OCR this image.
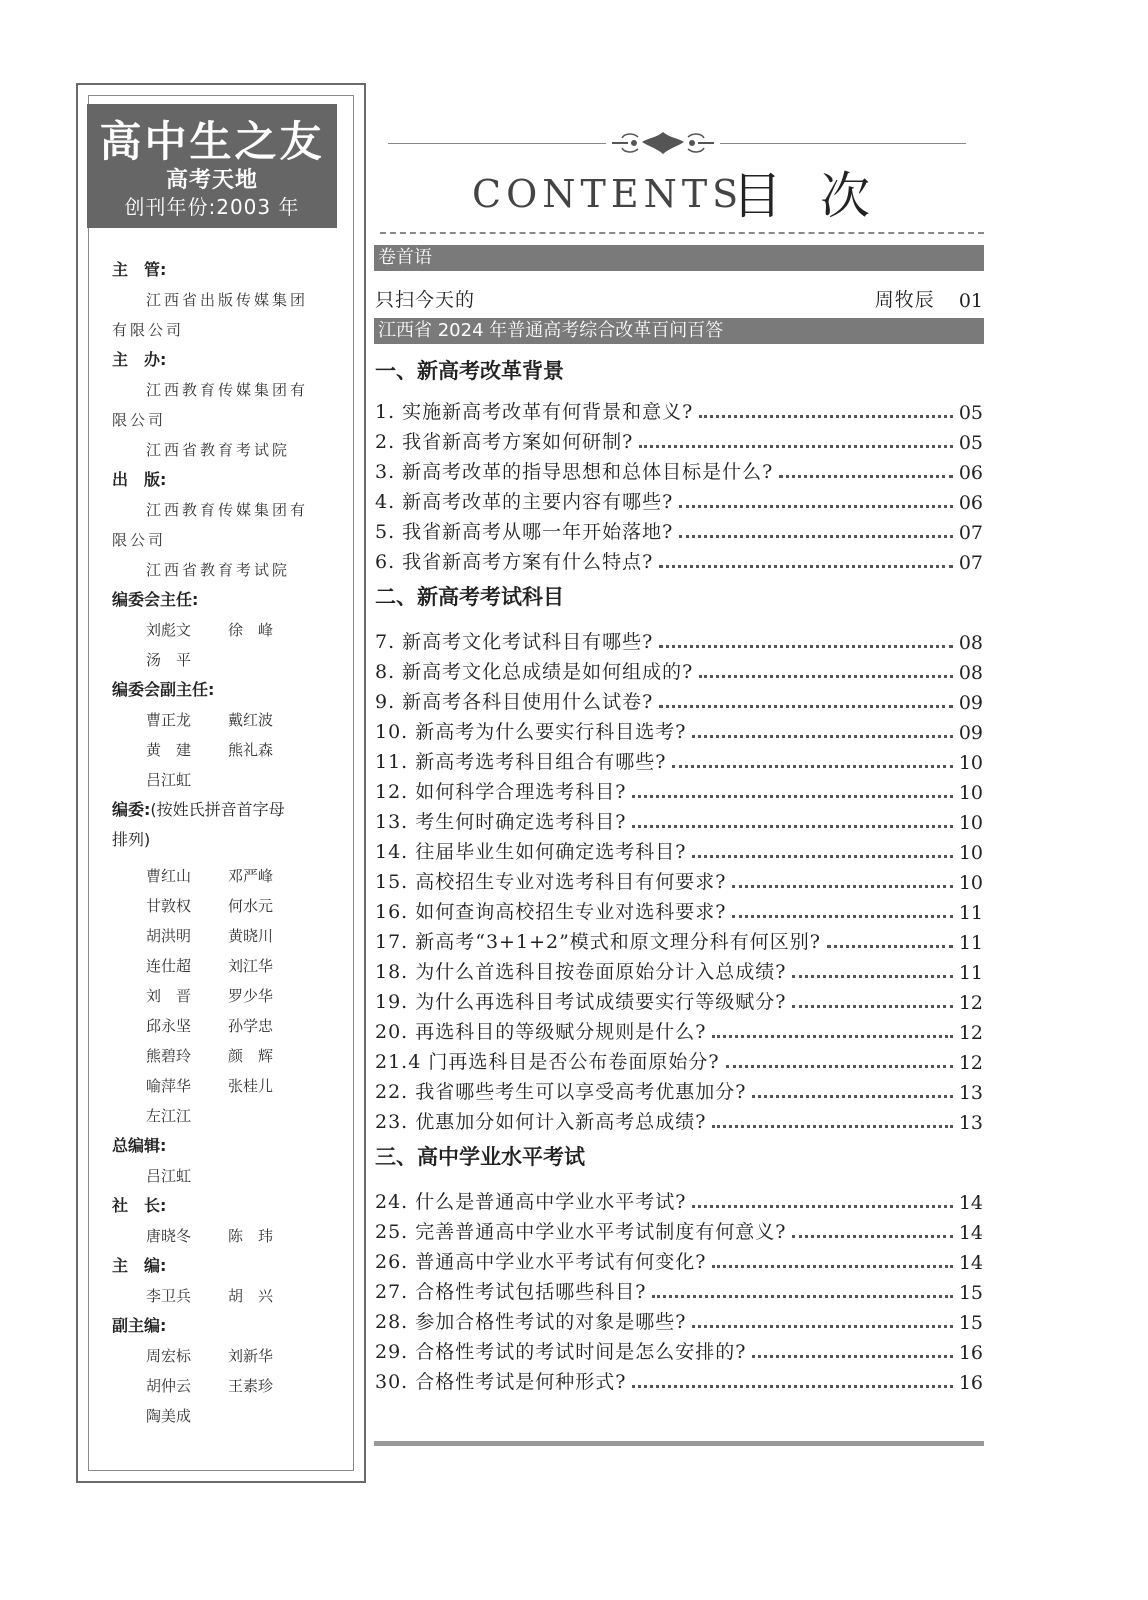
高中生之友
高考天地
创刊年份:2003 年
主　管:
江西省出版传媒集团
有限公司
主　办:
江西教育传媒集团有
限公司
江西省教育考试院
出　版:
江西教育传媒集团有
限公司
江西省教育考试院
编委会主任:
刘彪文 徐　峰
汤　平
编委会副主任:
曹正龙 戴红波
黄　建 熊礼森
吕江虹
编委:(按姓氏拼音首字母
排列)
曹红山 邓严峰
甘敦权 何水元
胡洪明 黄晓川
连仕超 刘江华
刘　晋 罗少华
邱永坚 孙学忠
熊碧玲 颜　辉
喻萍华 张桂儿
左江江
总编辑:
吕江虹
社　长:
唐晓冬 陈　玮
主　编:
李卫兵 胡　兴
副主编:
周宏标 刘新华
胡仲云 王素珍
陶美成
CONTENTS
目次
卷首语
只扫今天的	周牧辰 01
江西省 2024 年普通高考综合改革百问百答
一、新高考改革背景
1. 实施新高考改革有何背景和意义?	05
2. 我省新高考方案如何研制?	05
3. 新高考改革的指导思想和总体目标是什么?	06
4. 新高考改革的主要内容有哪些?	06
5. 我省新高考从哪一年开始落地?	07
6. 我省新高考方案有什么特点?	07
二、新高考考试科目
7. 新高考文化考试科目有哪些?	08
8. 新高考文化总成绩是如何组成的?	08
9. 新高考各科目使用什么试卷?	09
10. 新高考为什么要实行科目选考?	09
11. 新高考选考科目组合有哪些?	10
12. 如何科学合理选考科目?	10
13. 考生何时确定选考科目?	10
14. 往届毕业生如何确定选考科目?	10
15. 高校招生专业对选考科目有何要求?	10
16. 如何查询高校招生专业对选科要求?	11
17. 新高考“3+1+2”模式和原文理分科有何区别?	11
18. 为什么首选科目按卷面原始分计入总成绩?	11
19. 为什么再选科目考试成绩要实行等级赋分?	12
20. 再选科目的等级赋分规则是什么?	12
21.4 门再选科目是否公布卷面原始分?	12
22. 我省哪些考生可以享受高考优惠加分?	13
23. 优惠加分如何计入新高考总成绩?	13
三、高中学业水平考试
24. 什么是普通高中学业水平考试?	14
25. 完善普通高中学业水平考试制度有何意义?	14
26. 普通高中学业水平考试有何变化?	14
27. 合格性考试包括哪些科目?	15
28. 参加合格性考试的对象是哪些?	15
29. 合格性考试的考试时间是怎么安排的?	16
30. 合格性考试是何种形式?	16
